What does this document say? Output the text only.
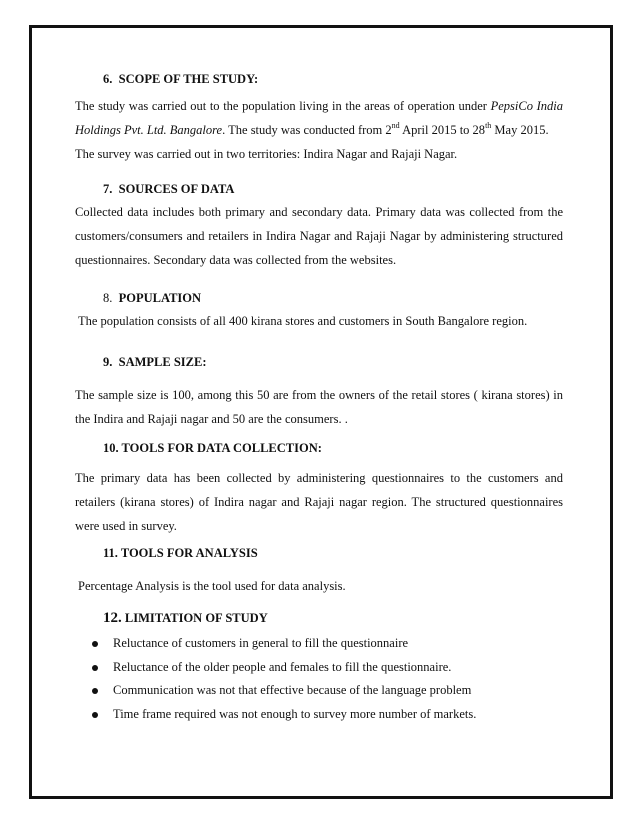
6. SCOPE OF THE STUDY:
The study was carried out to the population living in the areas of operation under PepsiCo India
Holdings Pvt. Ltd. Bangalore. The study was conducted from 2nd April 2015 to 28th May 2015.
The survey was carried out in two territories: Indira Nagar and Rajaji Nagar.
7. SOURCES OF DATA
Collected data includes both primary and secondary data. Primary data was collected from the
customers/consumers and retailers in Indira Nagar and Rajaji Nagar by administering structured
questionnaires. Secondary data was collected from the websites.
8. POPULATION
The population consists of all 400 kirana stores and customers in South Bangalore region.
9. SAMPLE SIZE:
The sample size is 100, among this 50 are from the owners of the retail stores ( kirana stores) in
the Indira and Rajaji nagar and 50 are the consumers. .
10. TOOLS FOR DATA COLLECTION:
The primary data has been collected by administering questionnaires to the customers and
retailers (kirana stores) of Indira nagar and Rajaji nagar region. The structured questionnaires
were used in survey.
11. TOOLS FOR ANALYSIS
Percentage Analysis is the tool used for data analysis.
12. LIMITATION OF STUDY
Reluctance of customers in general to fill the questionnaire
Reluctance of the older people and females to fill the questionnaire.
Communication was not that effective because of the language problem
Time frame required was not enough to survey more number of markets.
